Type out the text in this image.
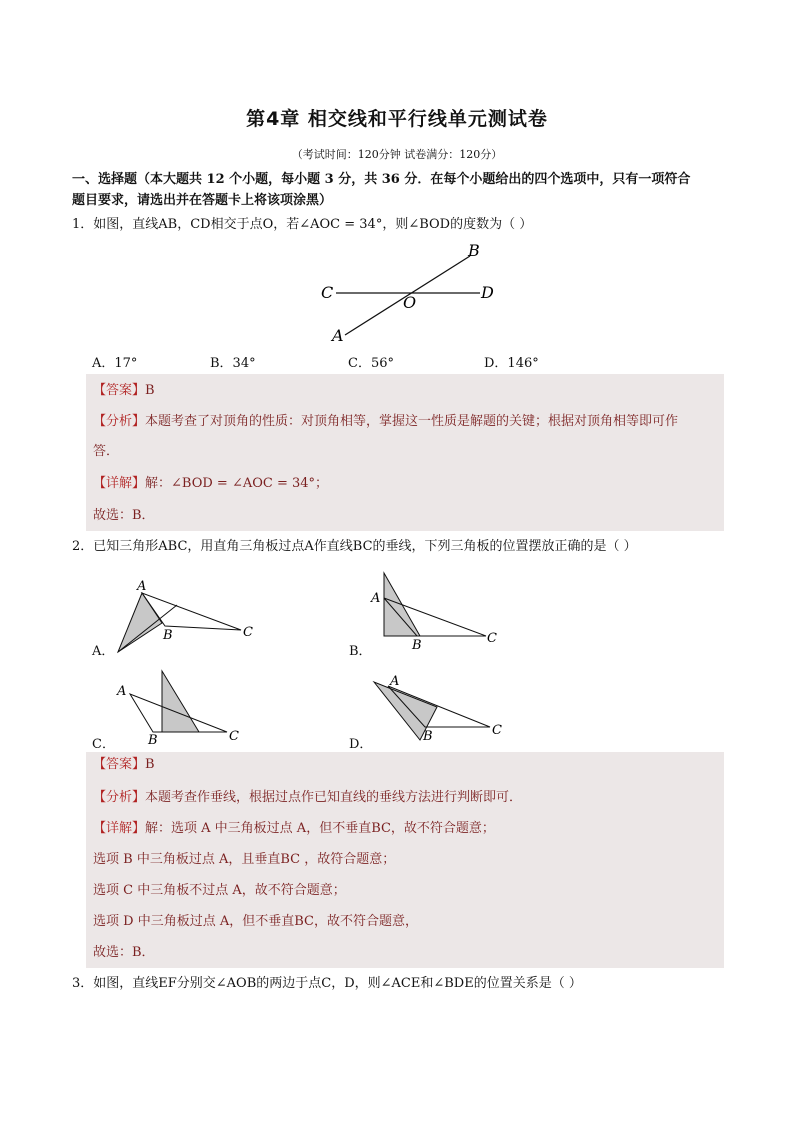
第4章 相交线和平行线单元测试卷
（考试时间：120分钟 试卷满分：120分）
一、选择题（本大题共 12 个小题，每小题 3 分，共 36 分．在每个小题给出的四个选项中，只有一项符合
题目要求，请选出并在答题卡上将该项涂黑）
1．如图，直线AB，CD相交于点O，若∠AOC = 34°，则∠BOD的度数为（ ）
B
C	D
O
A
A．17°	B．34°	C．56°	D．146°
【答案】B
【分析】本题考查了对顶角的性质：对顶角相等，掌握这一性质是解题的关键；根据对顶角相等即可作
答．
【详解】解：∠BOD = ∠AOC = 34°；
故选：B．
2．已知三角形ABC，用直角三角板过点A作直线BC的垂线，下列三角板的位置摆放正确的是（ ）
A
B	C
A．
A
B	C
B．
A
B	C
C．
A
B	C
D．
【答案】B
【分析】本题考查作垂线，根据过点作已知直线的垂线方法进行判断即可．
【详解】解：选项 A 中三角板过点 A，但不垂直BC，故不符合题意；
选项 B 中三角板过点 A，且垂直BC ，故符合题意；
选项 C 中三角板不过点 A，故不符合题意；
选项 D 中三角板过点 A，但不垂直BC，故不符合题意，
故选：B．
3．如图，直线EF分别交∠AOB的两边于点C，D，则∠ACE和∠BDE的位置关系是（ ）
